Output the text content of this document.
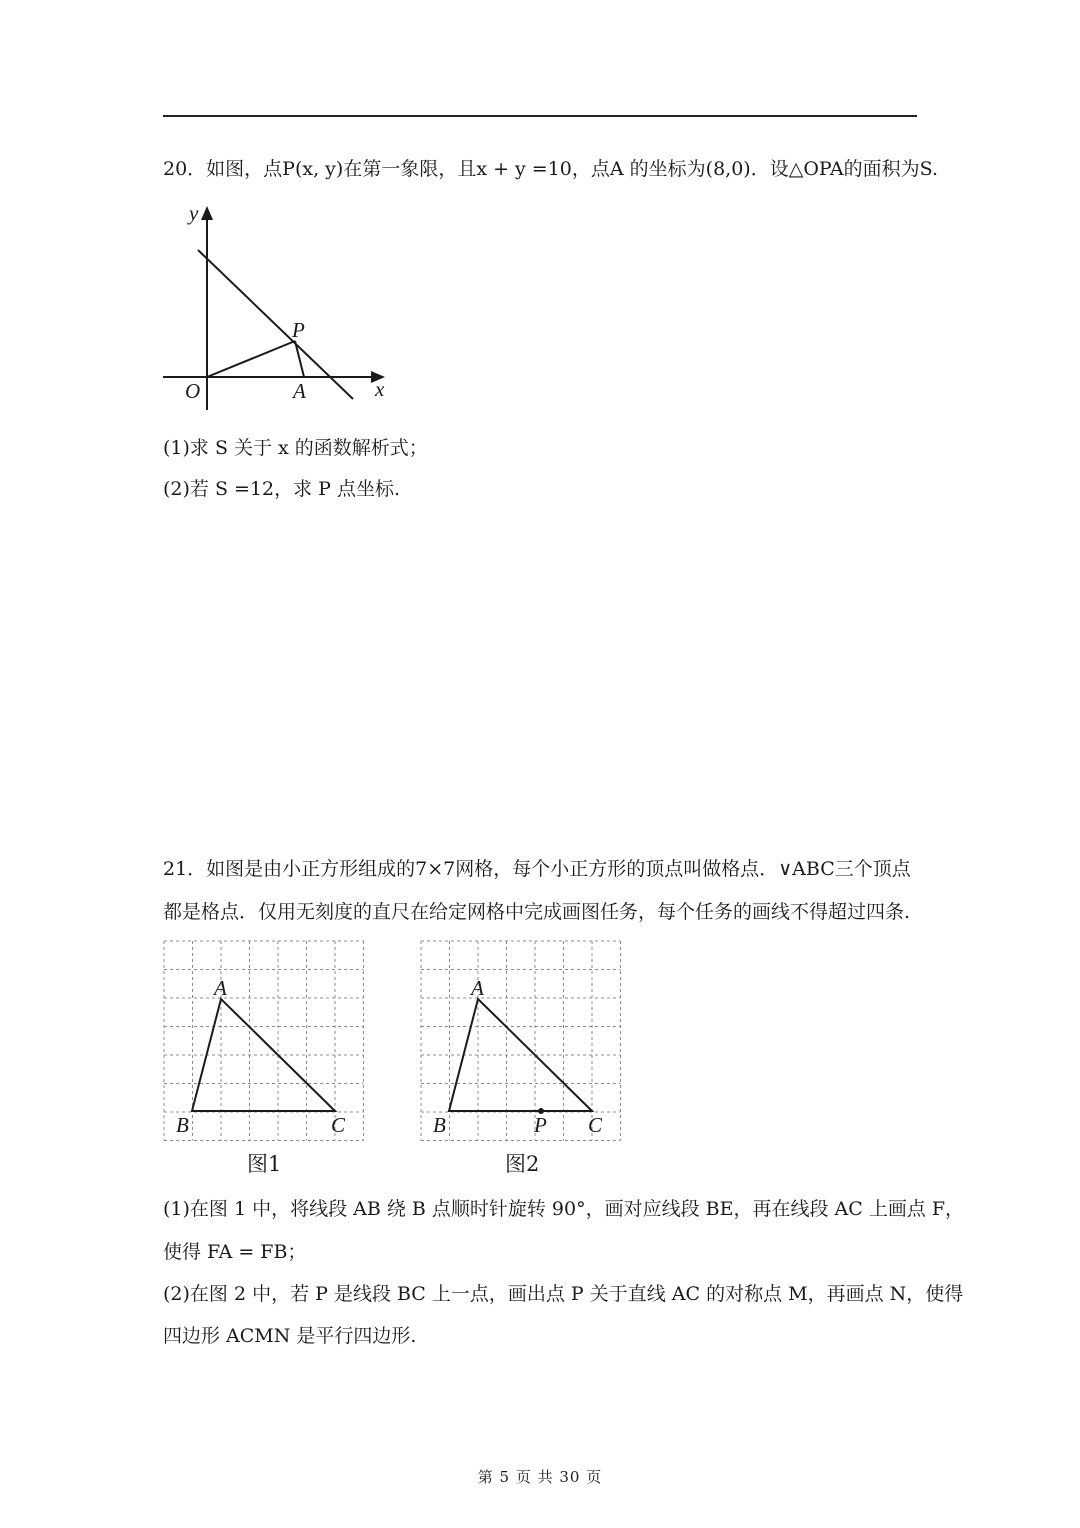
20．如图，点P(x, y)在第一象限，且x + y =10，点A 的坐标为(8,0)．设△OPA的面积为S.
y
x
O	A
P
(1)求 S 关于 x 的函数解析式；
(2)若 S =12，求 P 点坐标.
21．如图是由小正方形组成的7×7网格，每个小正方形的顶点叫做格点．∨ABC三个顶点
都是格点．仅用无刻度的直尺在给定网格中完成画图任务，每个任务的画线不得超过四条.
A
B	C
图1
A
B	P C
图2
(1)在图 1 中，将线段 AB 绕 B 点顺时针旋转 90°，画对应线段 BE，再在线段 AC 上画点 F，
使得 FA = FB；
(2)在图 2 中，若 P 是线段 BC 上一点，画出点 P 关于直线 AC 的对称点 M，再画点 N，使得
四边形 ACMN 是平行四边形.
第 5 页 共 30 页
